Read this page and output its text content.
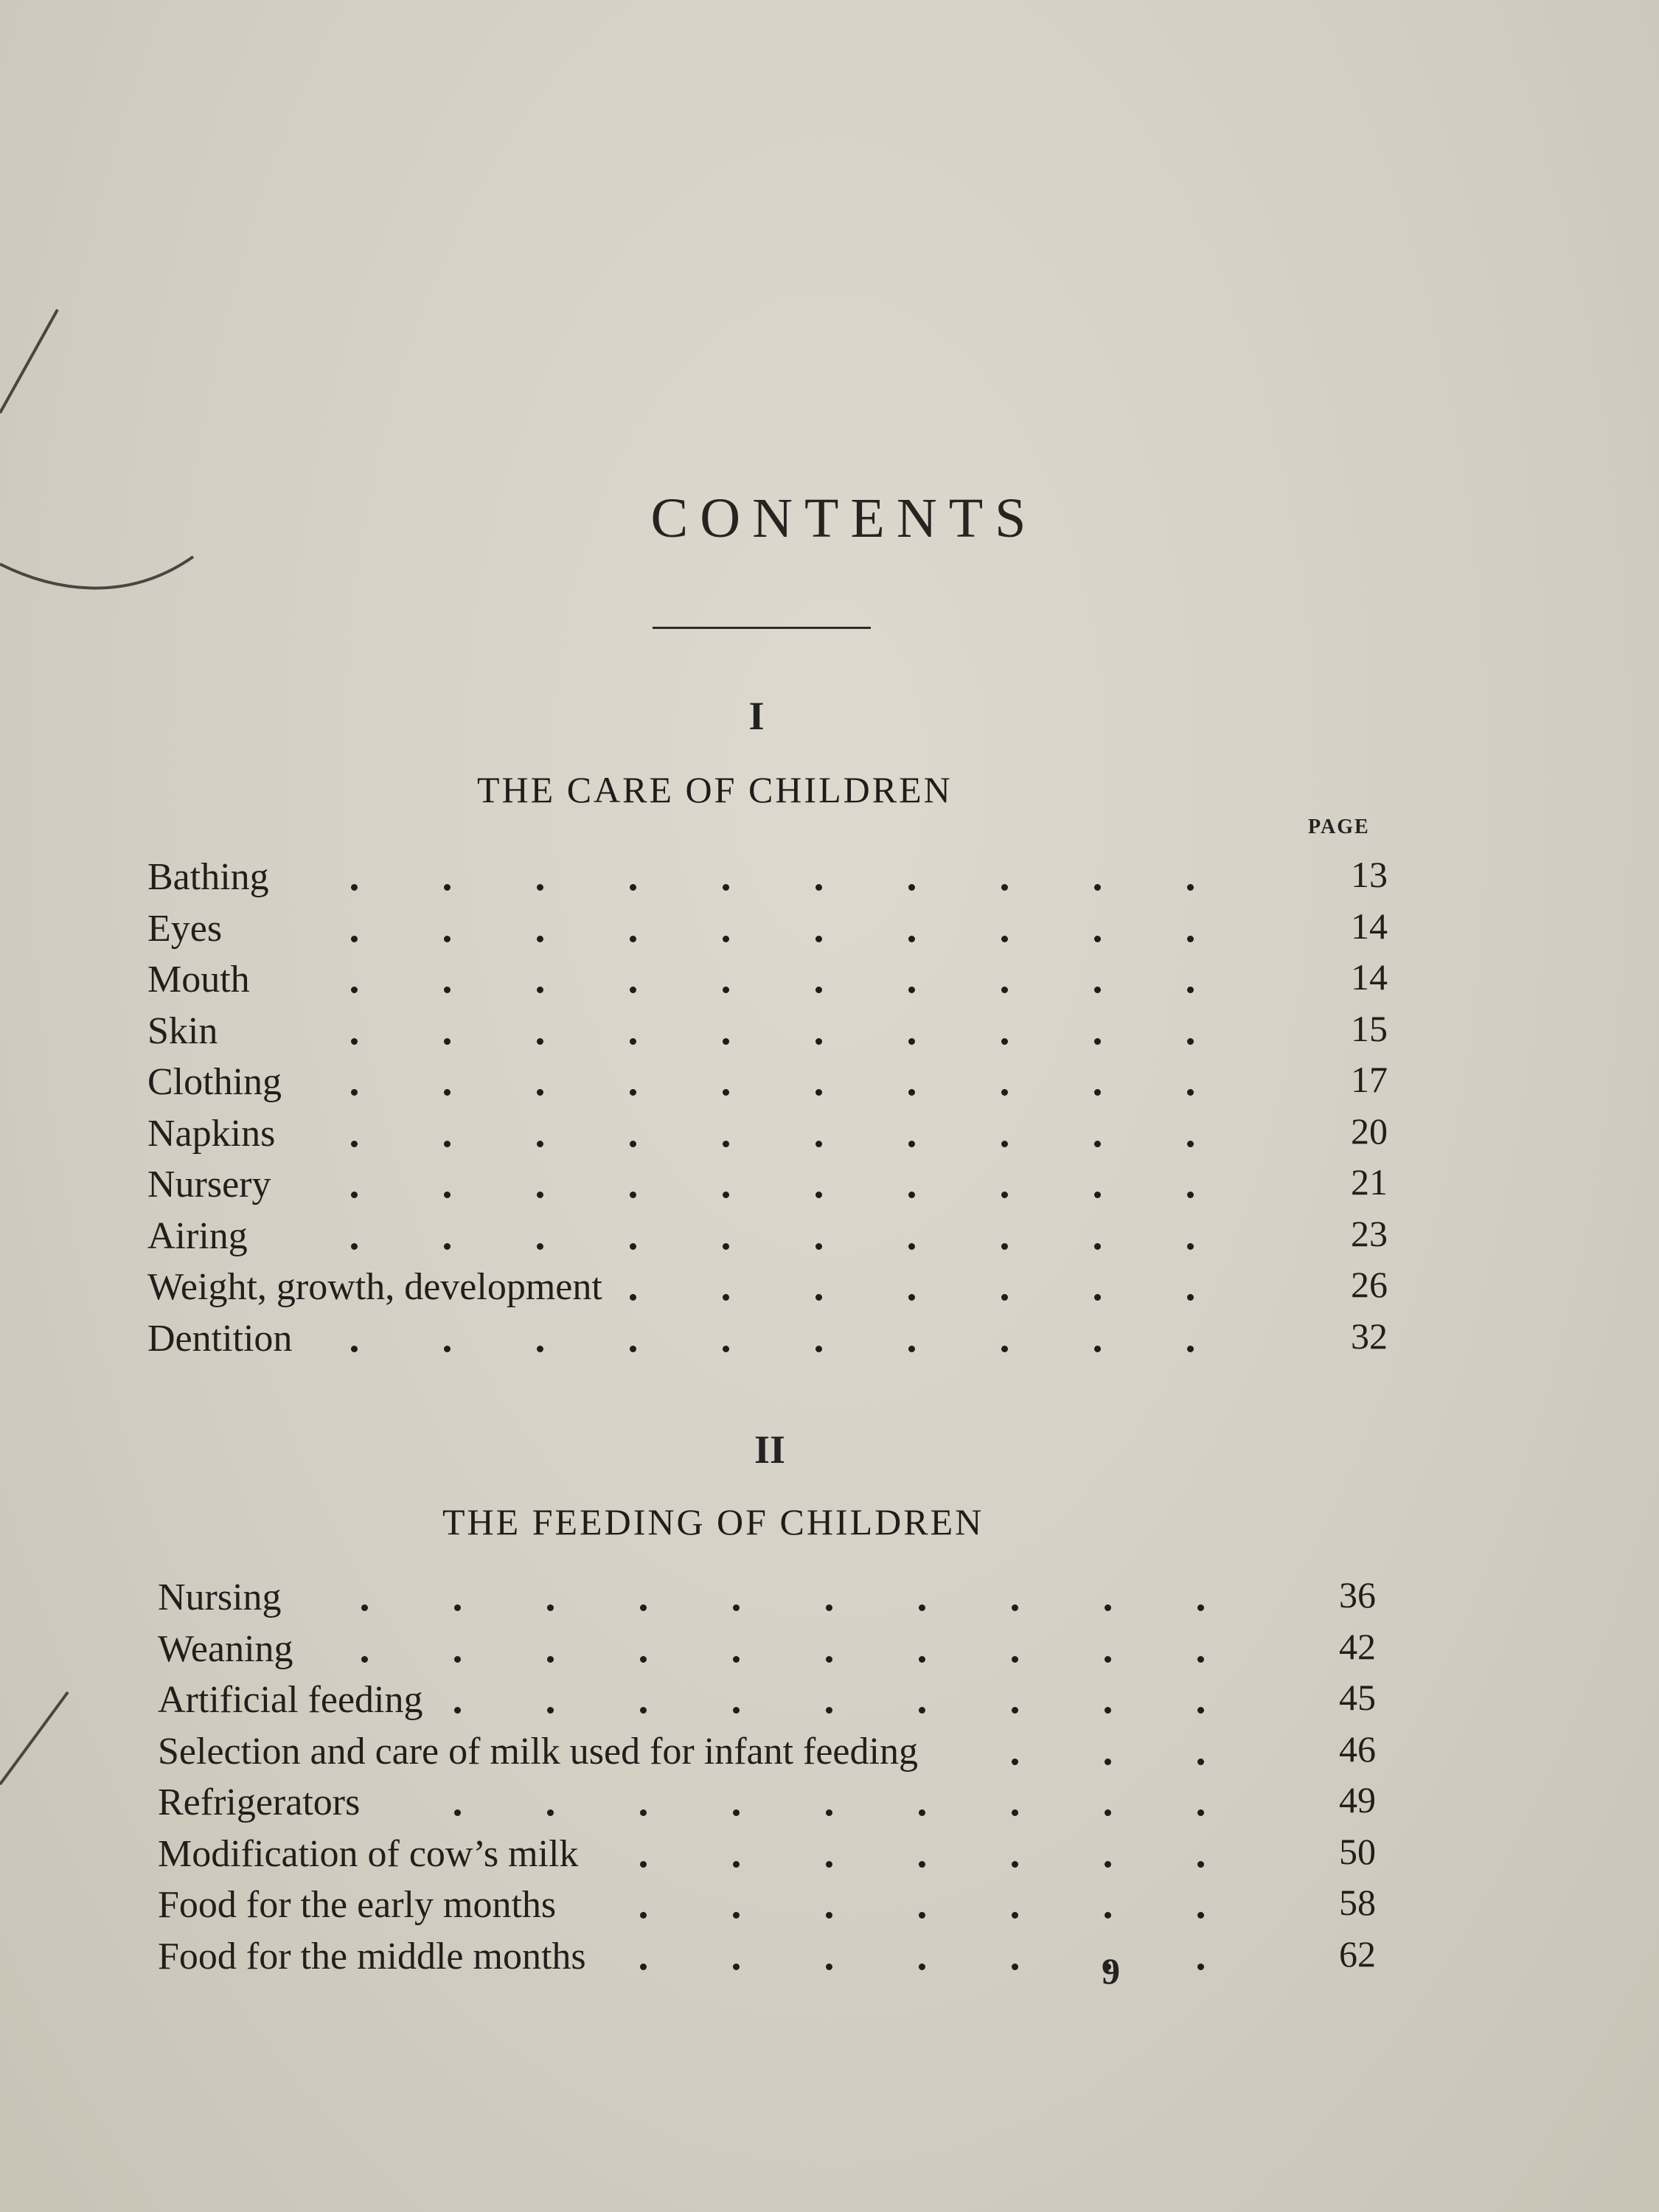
CONTENTS
I
THE CARE OF CHILDREN
PAGE
Bathing	13
Eyes	14
Mouth	14
Skin	15
Clothing	17
Napkins	20
Nursery	21
Airing	23
Weight, growth, development	26
Dentition	32
II
THE FEEDING OF CHILDREN
Nursing	36
Weaning	42
Artificial feeding	45
Selection and care of milk used for infant feeding	46
Refrigerators	49
Modification of cow’s milk	50
Food for the early months	58
Food for the middle months	62
9
